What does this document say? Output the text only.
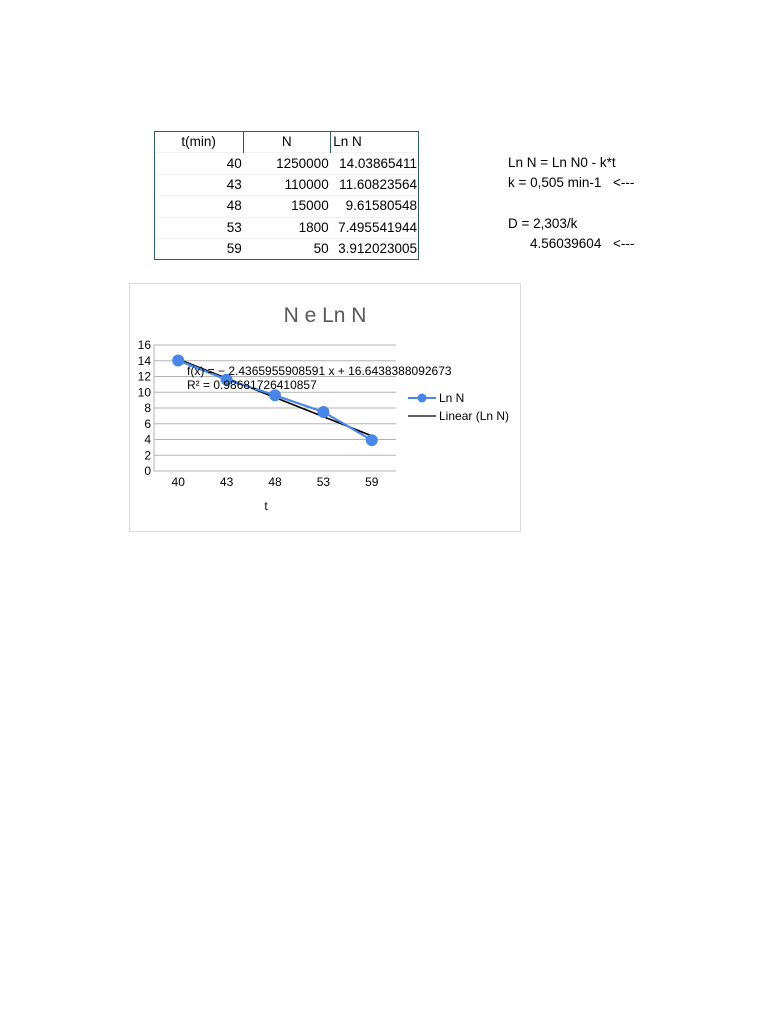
t(min)	N	Ln N
40	1250000	14.03865411
43	110000	11.60823564
48	15000	9.61580548
53	1800	7.495541944
59	50	3.912023005
Ln N = Ln N0 - k*t
k = 0,505 min-1 <---
D = 2,303/k
4.56039604 <---
N e Ln N
0
2
4
6
8
10
12
14
16
40	43	48	53	59
f(x) = − 2.4365955908591 x + 16.6438388092673
R² = 0.98681726410857
t
Ln N
Linear (Ln N)
